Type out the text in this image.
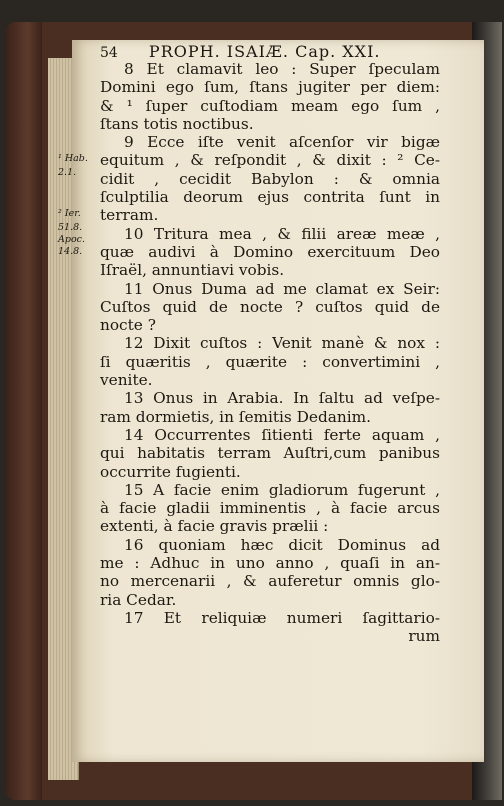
54 PROPH. ISAIÆ. Cap. XXI.
¹ Hab.
2.1.
² Ier.
51.8.
Apoc.
14.8.
8 Et clamavit leo : Super ſpeculam
Domini ego ſum, ſtans jugiter per diem:
& ¹ ſuper cuſtodiam meam ego ſum ,
ſtans totis noctibus.
9 Ecce iſte venit aſcenſor vir bigæ
equitum , & reſpondit , & dixit : ² Ce-
cidit , cecidit Babylon : & omnia
ſculptilia deorum ejus contrita ſunt in
terram.
10 Tritura mea , & filii areæ meæ ,
quæ audivi à Domino exercituum Deo
Iſraël, annuntiavi vobis.
11 Onus Duma ad me clamat ex Seir:
Cuſtos quid de nocte ? cuſtos quid de
nocte ?
12 Dixit cuſtos : Venit manè & nox :
ſi quæritis , quærite : convertimini ,
venite.
13 Onus in Arabia. In ſaltu ad veſpe-
ram dormietis, in ſemitis Dedanim.
14 Occurrentes ſitienti ferte aquam ,
qui habitatis terram Auſtri,cum panibus
occurrite fugienti.
15 A facie enim gladiorum fugerunt ,
à facie gladii imminentis , à facie arcus
extenti, à facie gravis prælii :
16 quoniam hæc dicit Dominus ad
me : Adhuc in uno anno , quaſi in an-
no mercenarii , & auferetur omnis glo-
ria Cedar.
17 Et reliquiæ numeri ſagittario-
rum
